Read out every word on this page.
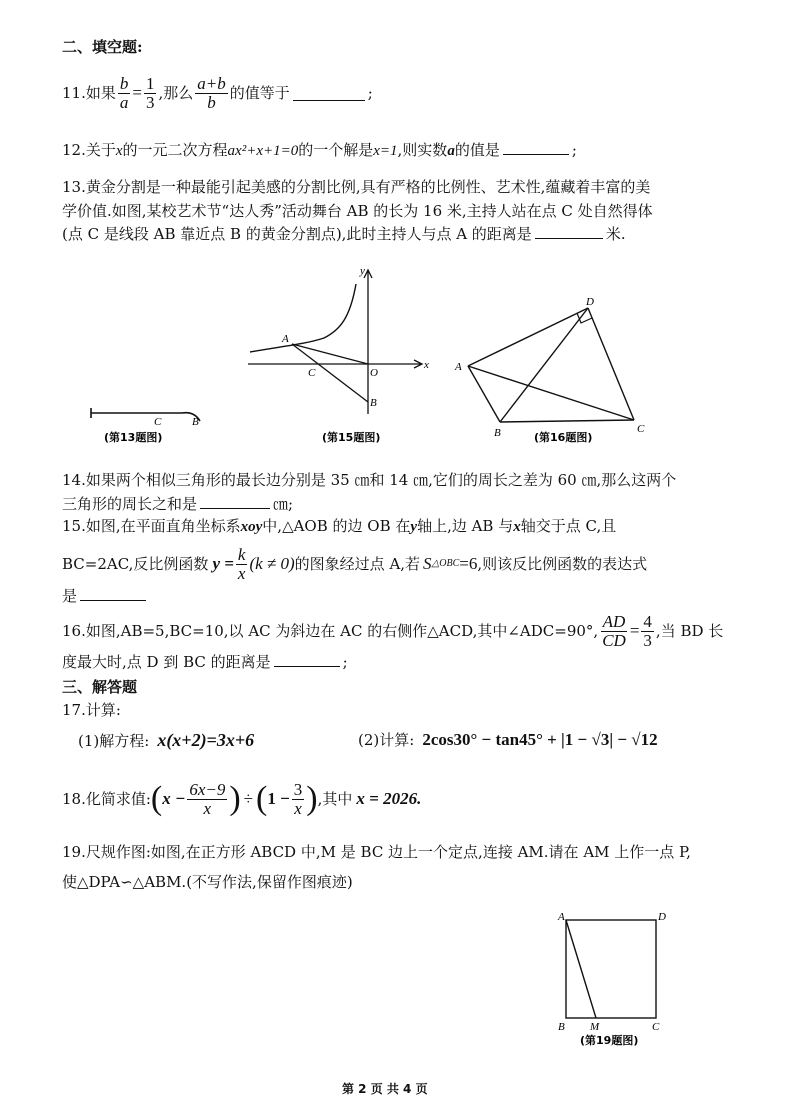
二、填空题:
11.如果 $\frac{b}{a} = \frac{1}{3}$ ,那么 $\frac{a+b}{b}$ 的值等于	;
12.关于x的一元二次方程ax²+x+1=0的一个解是x=1,则实数a的值是	;
13.黄金分割是一种最能引起美感的分割比例,具有严格的比例性、艺术性,蕴藏着丰富的美
学价值.如图,某校艺术节“达人秀”活动舞台 AB 的长为 16 米,主持人站在点 C 处自然得体
(点 C 是线段 AB 靠近点 B 的黄金分割点),此时主持人与点 A 的距离是	米.
C	B
(第13题图)
A
C	O
B
y
x
(第15题图)
D
A
B	C
(第16题图)
14.如果两个相似三角形的最长边分别是 35 ㎝和 14 ㎝,它们的周长之差为 60 ㎝,那么这两个
三角形的周长之和是	㎝;
15.如图,在平面直角坐标系xoy中,△AOB 的边 OB 在y轴上,边 AB 与x轴交于点 C,且
BC=2AC,反比例函数 $y = \frac{k}{x} (k \ne 0)$ 的图象经过点 A,若 S △OBC =6 ,则该反比例函数的表达式
是
16.如图,AB=5,BC=10,以 AC 为斜边在 AC 的右侧作△ACD,其中∠ADC=90°, $\frac{AD}{CD} = \frac{4}{3}$ ,当 BD 长
度最大时,点 D 到 BC 的距离是	;
三、解答题
17.计算:
(1)解方程: x(x+2)=3x+6	(2)计算: 2cos30° − tan45° + |1 − √3| − √12
18.化简求值: ( $x - \frac{6x-9}{x}$ ) ÷ ( $1 - \frac{3}{x}$ ) ,其中 x = 2026.
19.尺规作图:如图,在正方形 ABCD 中,M 是 BC 边上一个定点,连接 AM.请在 AM 上作一点 P,
使△DPA∽△ABM.(不写作法,保留作图痕迹)
A	D
B M	C
(第19题图)
第 2 页 共 4 页
